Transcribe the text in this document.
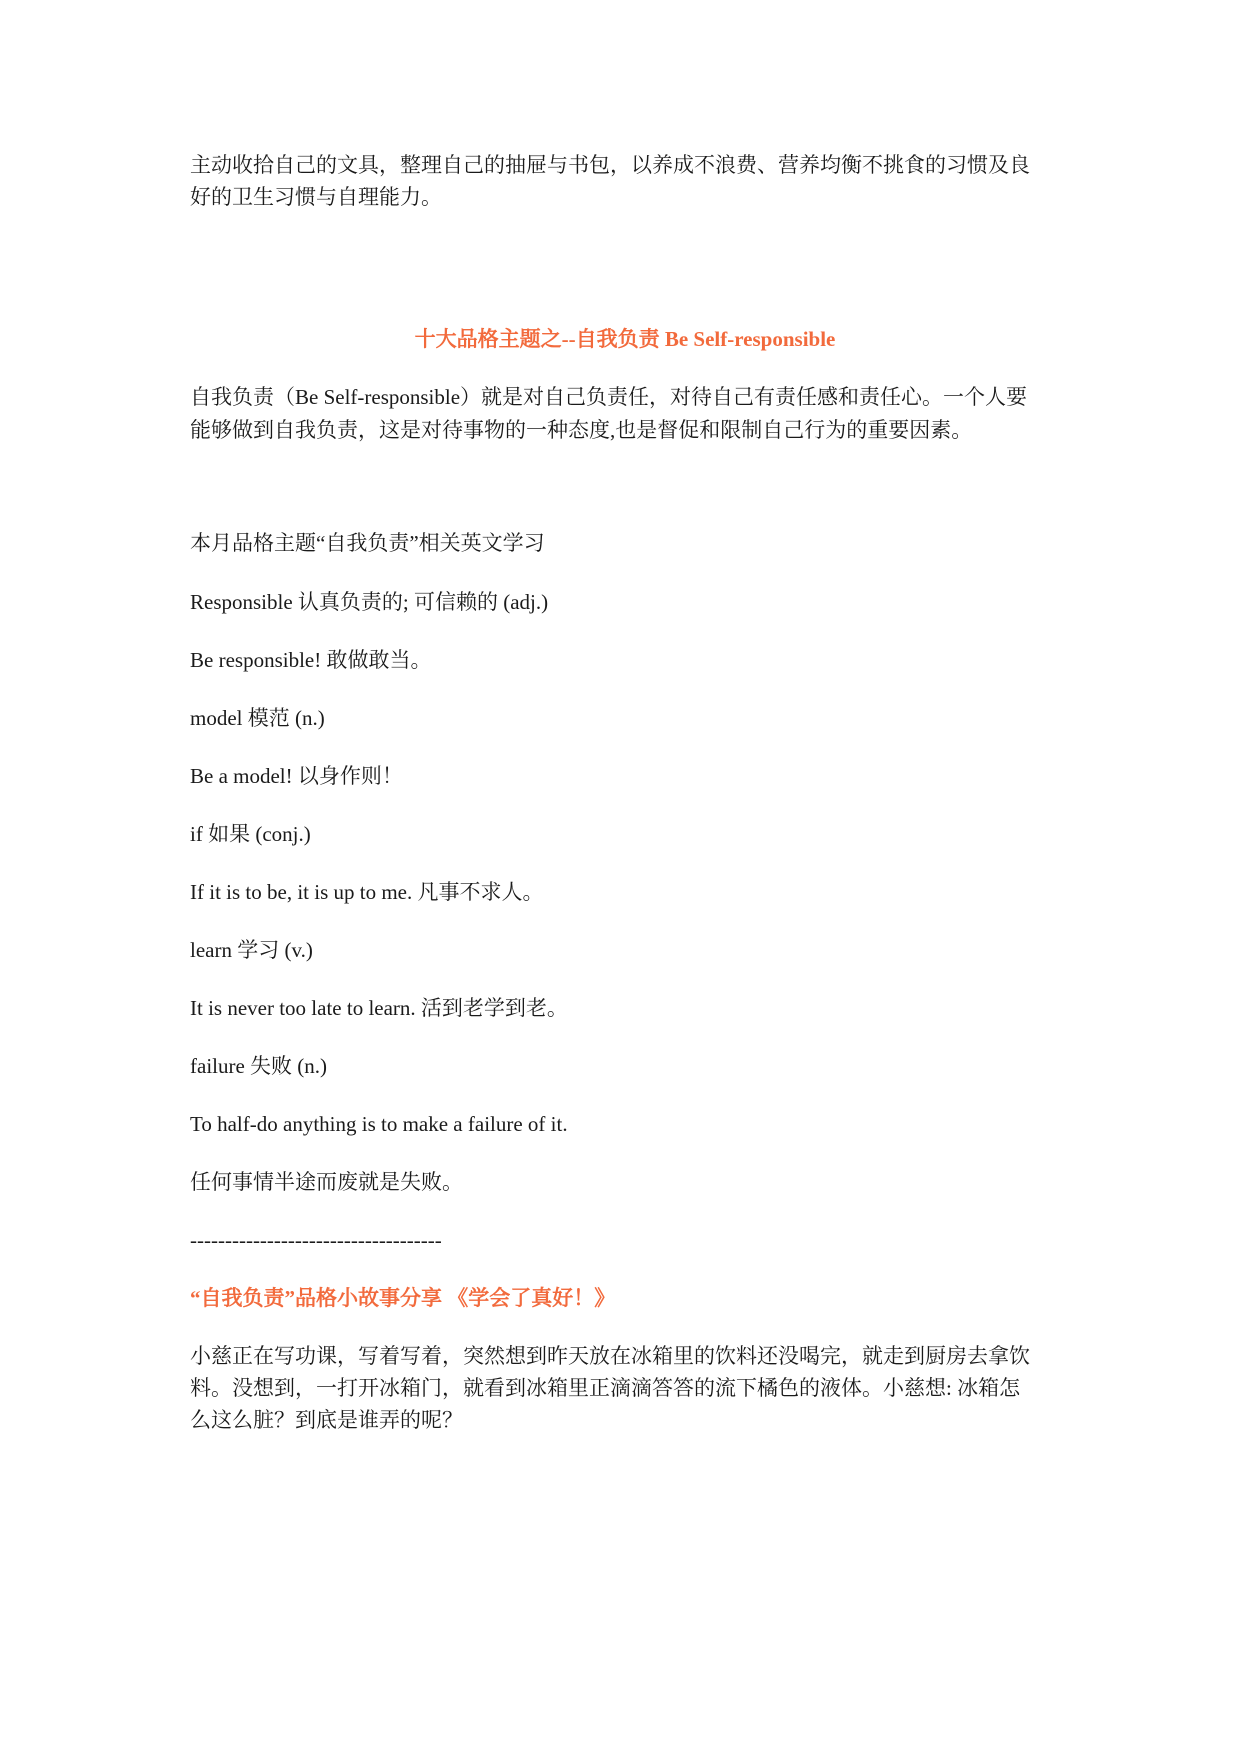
主动收拾自己的文具，整理自己的抽屉与书包，以养成不浪费、营养均衡不挑食的习惯及良

好的卫生习惯与自理能力。

十大品格主题之--自我负责 Be Self-responsible

自我负责（Be Self-responsible）就是对自己负责任，对待自己有责任感和责任心。一个人要

能够做到自我负责，这是对待事物的一种态度,也是督促和限制自己行为的重要因素。

本月品格主题“自我负责”相关英文学习

Responsible 认真负责的; 可信赖的 (adj.)

Be responsible! 敢做敢当。

model 模范 (n.)

Be a model! 以身作则！

if 如果 (conj.)

If it is to be, it is up to me. 凡事不求人。

learn 学习 (v.)

It is never too late to learn. 活到老学到老。

failure 失败 (n.)

To half-do anything is to make a failure of it.

任何事情半途而废就是失败。

------------------------------------

“自我负责”品格小故事分享 《学会了真好！》

小慈正在写功课，写着写着，突然想到昨天放在冰箱里的饮料还没喝完，就走到厨房去拿饮

料。没想到，一打开冰箱门，就看到冰箱里正滴滴答答的流下橘色的液体。小慈想: 冰箱怎

么这么脏？到底是谁弄的呢？
